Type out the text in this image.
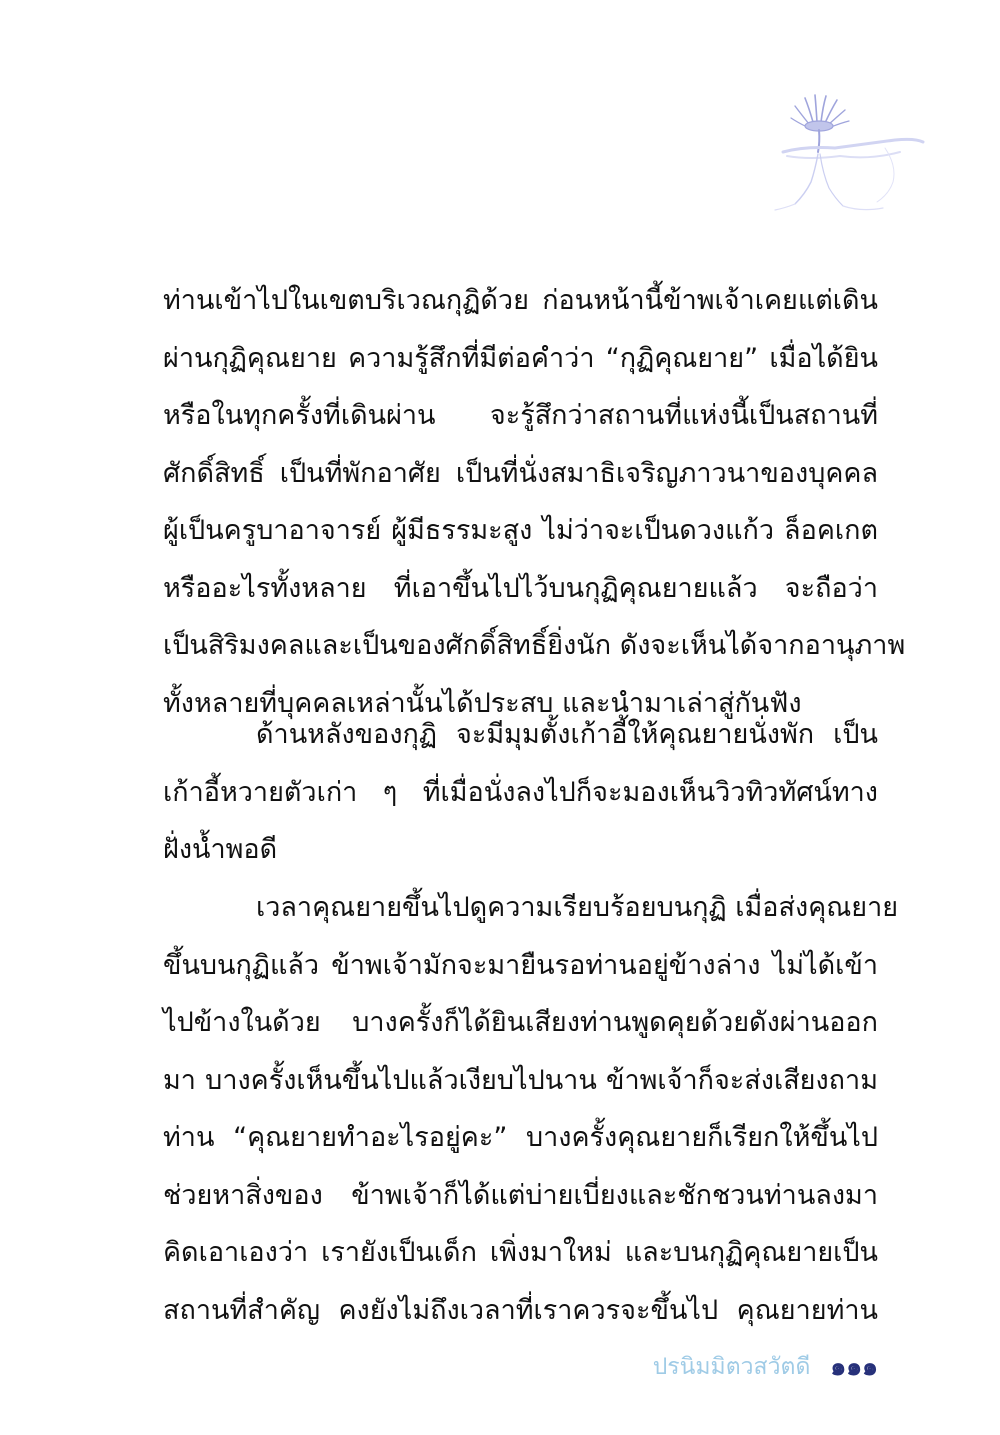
ท่านเข้าไปในเขตบริเวณกุฏิด้วย ก่อนหน้านี้ข้าพเจ้าเคยแต่เดิน
ผ่านกุฏิคุณยาย ความรู้สึกที่มีต่อคำว่า “กุฏิคุณยาย” เมื่อได้ยิน
หรือในทุกครั้งที่เดินผ่าน จะรู้สึกว่าสถานที่แห่งนี้เป็นสถานที่
ศักดิ์สิทธิ์ เป็นที่พักอาศัย เป็นที่นั่งสมาธิเจริญภาวนาของบุคคล
ผู้เป็นครูบาอาจารย์ ผู้มีธรรมะสูง ไม่ว่าจะเป็นดวงแก้ว ล็อคเกต
หรืออะไรทั้งหลาย ที่เอาขึ้นไปไว้บนกุฏิคุณยายแล้ว จะถือว่า
เป็นสิริมงคลและเป็นของศักดิ์สิทธิ์ยิ่งนัก ดังจะเห็นได้จากอานุภาพ
ทั้งหลายที่บุคคลเหล่านั้นได้ประสบ และนำมาเล่าสู่กันฟัง
ด้านหลังของกุฏิ จะมีมุมตั้งเก้าอี้ให้คุณยายนั่งพัก เป็น
เก้าอี้หวายตัวเก่า ๆ ที่เมื่อนั่งลงไปก็จะมองเห็นวิวทิวทัศน์ทาง
ฝั่งน้ำพอดี
เวลาคุณยายขึ้นไปดูความเรียบร้อยบนกุฏิ เมื่อส่งคุณยาย
ขึ้นบนกุฏิแล้ว ข้าพเจ้ามักจะมายืนรอท่านอยู่ข้างล่าง ไม่ได้เข้า
ไปข้างในด้วย บางครั้งก็ได้ยินเสียงท่านพูดคุยด้วยดังผ่านออก
มา บางครั้งเห็นขึ้นไปแล้วเงียบไปนาน ข้าพเจ้าก็จะส่งเสียงถาม
ท่าน “คุณยายทำอะไรอยู่คะ” บางครั้งคุณยายก็เรียกให้ขึ้นไป
ช่วยหาสิ่งของ ข้าพเจ้าก็ได้แต่บ่ายเบี่ยงและชักชวนท่านลงมา
คิดเอาเองว่า เรายังเป็นเด็ก เพิ่งมาใหม่ และบนกุฏิคุณยายเป็น
สถานที่สำคัญ คงยังไม่ถึงเวลาที่เราควรจะขึ้นไป คุณยายท่าน
ปรนิมมิตวสวัตดี ๑๑๑
